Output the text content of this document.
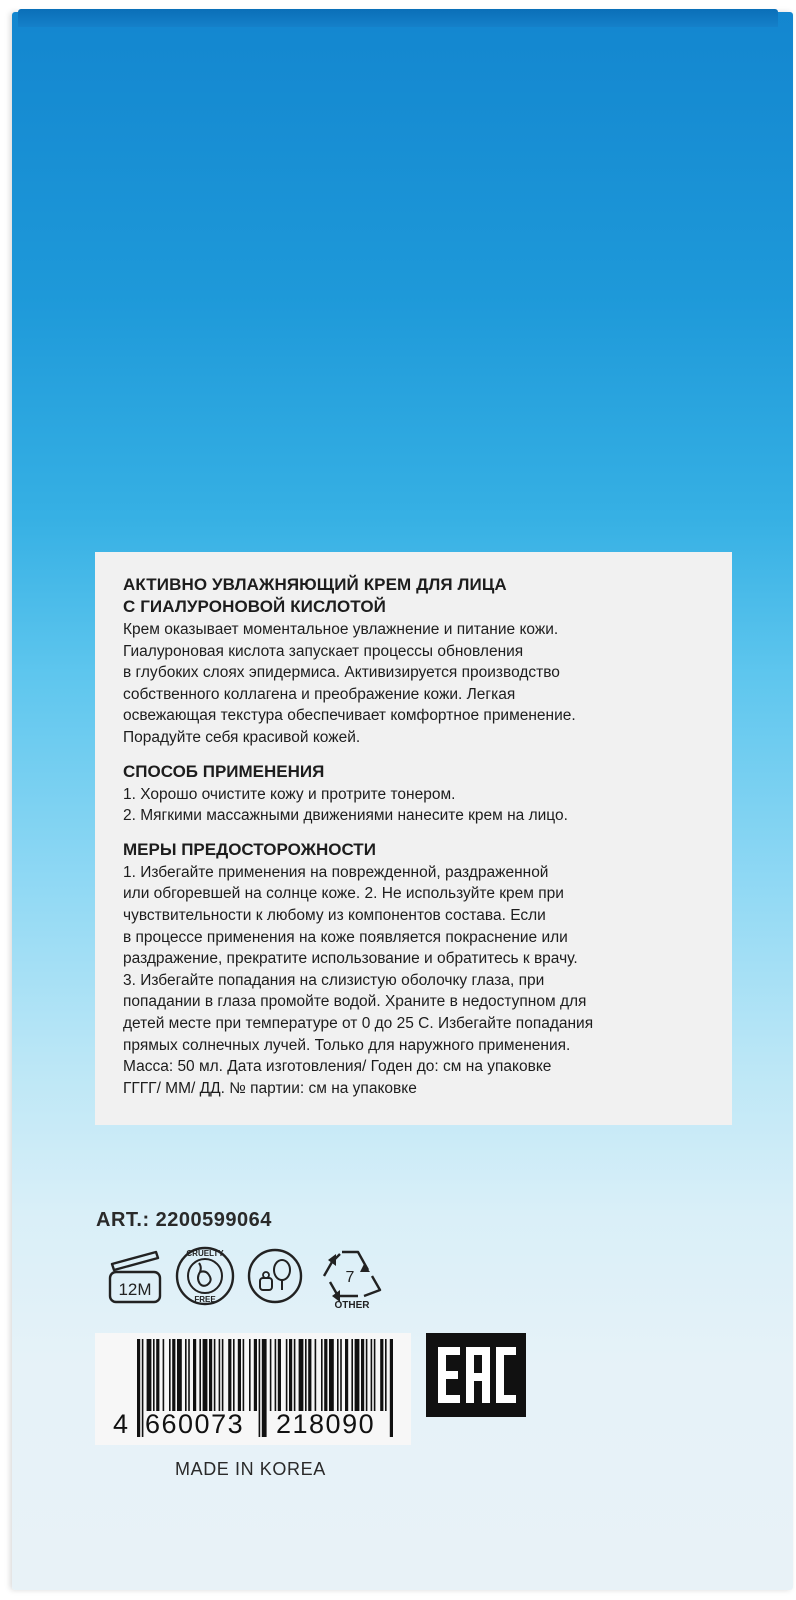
АКТИВНО УВЛАЖНЯЮЩИЙ КРЕМ ДЛЯ ЛИЦА
С ГИАЛУРОНОВОЙ КИСЛОТОЙ

Крем оказывает моментальное увлажнение и питание кожи.
Гиалуроновая кислота запускает процессы обновления
в глубоких слоях эпидермиса. Активизируется производство
собственного коллагена и преображение кожи. Легкая
освежающая текстура обеспечивает комфортное применение.
Порадуйте себя красивой кожей.

СПОСОБ ПРИМЕНЕНИЯ

1. Хорошо очистите кожу и протрите тонером.
2. Мягкими массажными движениями нанесите крем на лицо.

МЕРЫ ПРЕДОСТОРОЖНОСТИ

1. Избегайте применения на поврежденной, раздраженной
или обгоревшей на солнце коже. 2. Не используйте крем при
чувствительности к любому из компонентов состава. Если
в процессе применения на коже появляется покраснение или
раздражение, прекратите использование и обратитесь к врачу.
3. Избегайте попадания на слизистую оболочку глаза, при
попадании в глаза промойте водой. Храните в недоступном для
детей месте при температуре от 0 до 25 С. Избегайте попадания
прямых солнечных лучей. Только для наружного применения.
Масса: 50 мл. Дата изготовления/ Годен до: см на упаковке
ГГГГ/ ММ/ ДД. № партии: см на упаковке

ART.: 2200599064
12M
CRUELTY
FREE
7
OTHER
4 660073 218090
MADE IN KOREA
